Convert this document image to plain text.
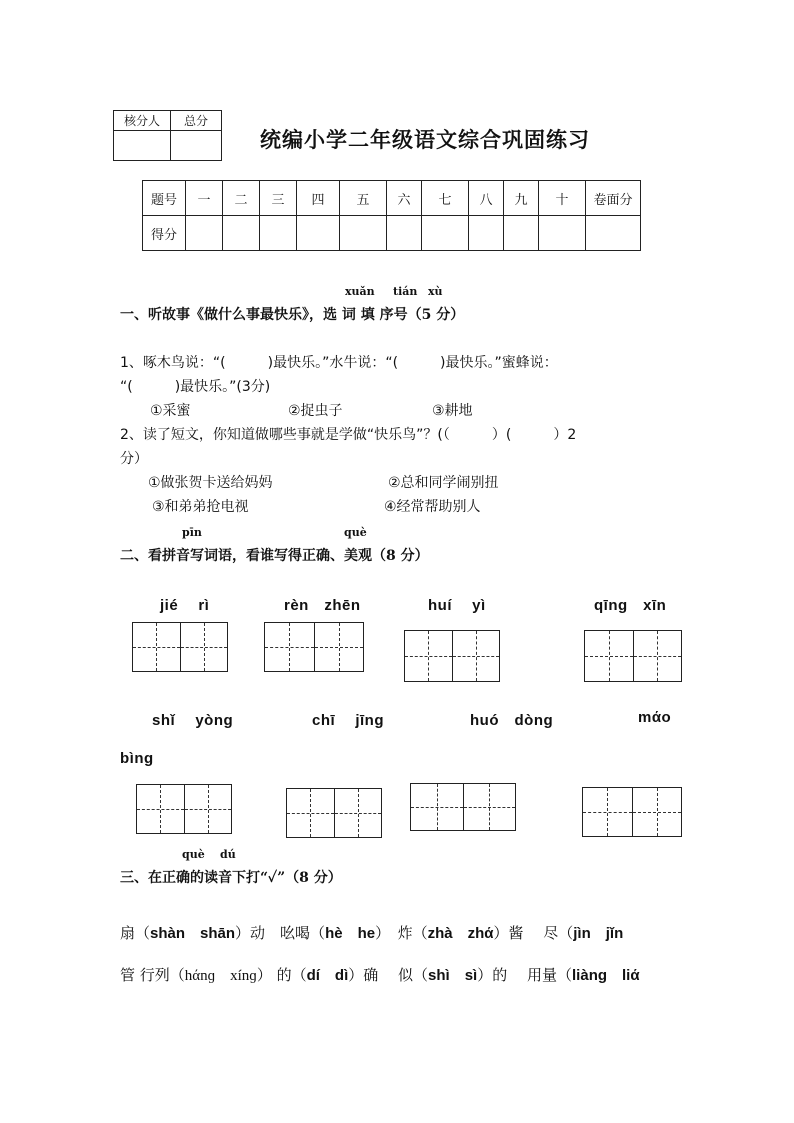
核分人	总分

统编小学二年级语文综合巩固练习
题号	一	二	三	四	五	六	七	八	九	十	卷面分
得分											
xuǎn tián xù
一、听故事《做什么事最快乐》，选 词 填 序号（5 分）
1、啄木鸟说：“(　　　)最快乐。”水牛说：“(　　　)最快乐。”蜜蜂说：
“(　　　)最快乐。”(3分)
①采蜜	②捉虫子	③耕地
2、读了短文，你知道做哪些事就是学做“快乐鸟”？(（　　　）(　　　）2
分）
①做张贺卡送给妈妈	②总和同学闹别扭
③和弟弟抢电视	④经常帮助别人
pīn	què
二、看拼音写词语，看谁写得正确、美观（8 分）
jié　 rì	rèn　zhēn	huí　 yì	qīnɡ　xīn
shǐ　 yònɡ	chī　 jīnɡ	huó　dònɡ	mάo
bìnɡ
què dú
三、在正确的读音下打“✓”（8 分）
扇（shàn　shān）动　吆喝（hè　he）　炸（zhà　zhά）酱　 尽（jìn　jǐn
管 行列（hάnɡ　xínɡ） 的（dí　dì）确　 似（shì　sì）的　 用量（liànɡ　liά
